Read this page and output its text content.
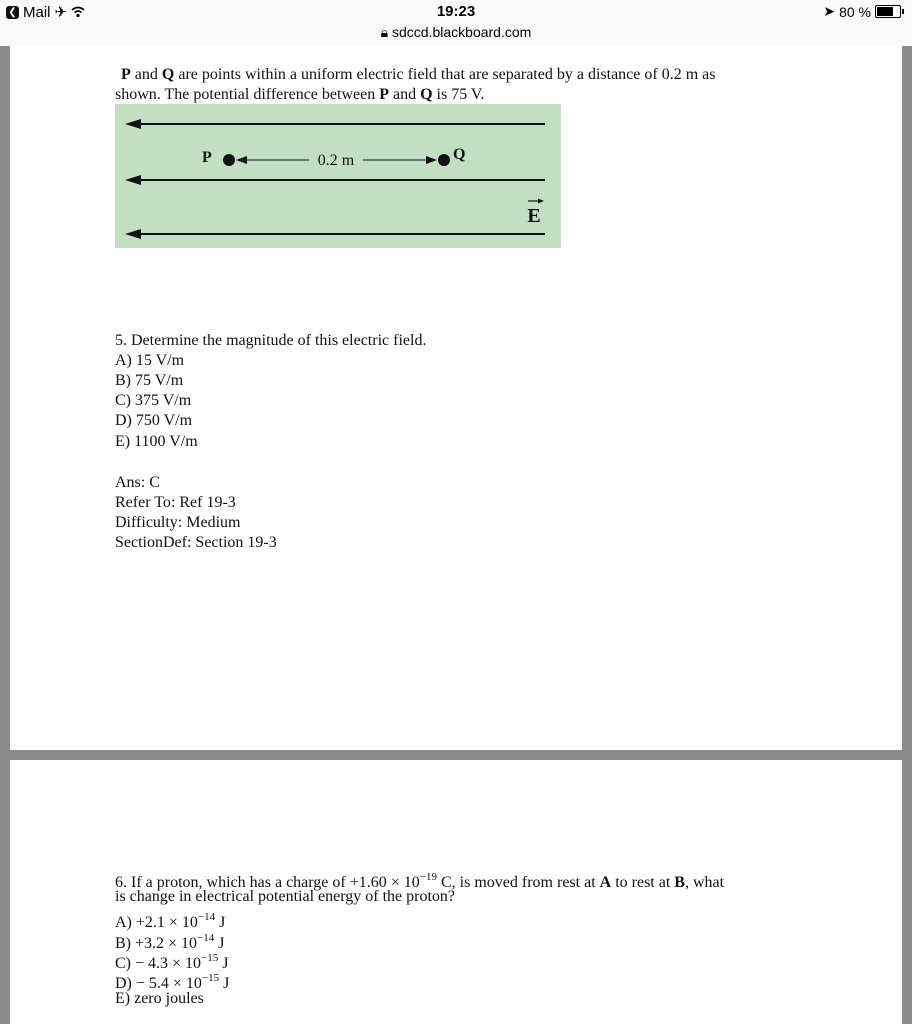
❮ Mail ✈	19:23
🔒︎ sdccd.blackboard.com
➤ 80 %
P and Q are points within a uniform electric field that are separated by a distance of 0.2 m as
shown. The potential difference between P and Q is 75 V.
0.2 m
P	Q
E
5. Determine the magnitude of this electric field.
A) 15 V/m
B) 75 V/m
C) 375 V/m
D) 750 V/m
E) 1100 V/m
Ans: C
Refer To: Ref 19-3
Difficulty: Medium
SectionDef: Section 19-3
6. If a proton, which has a charge of $+1.60 \times 10^{-19}$ C, is moved from rest at A to rest at B, what
is change in electrical potential energy of the proton?
$A) +2.1 \times 10^{-14}$ J
$B) +3.2 \times 10^{-14}$ J
$C) - 4.3 \times 10^{-15}$ J
$D) - 5.4 \times 10^{-15}$ J
E) zero joules
